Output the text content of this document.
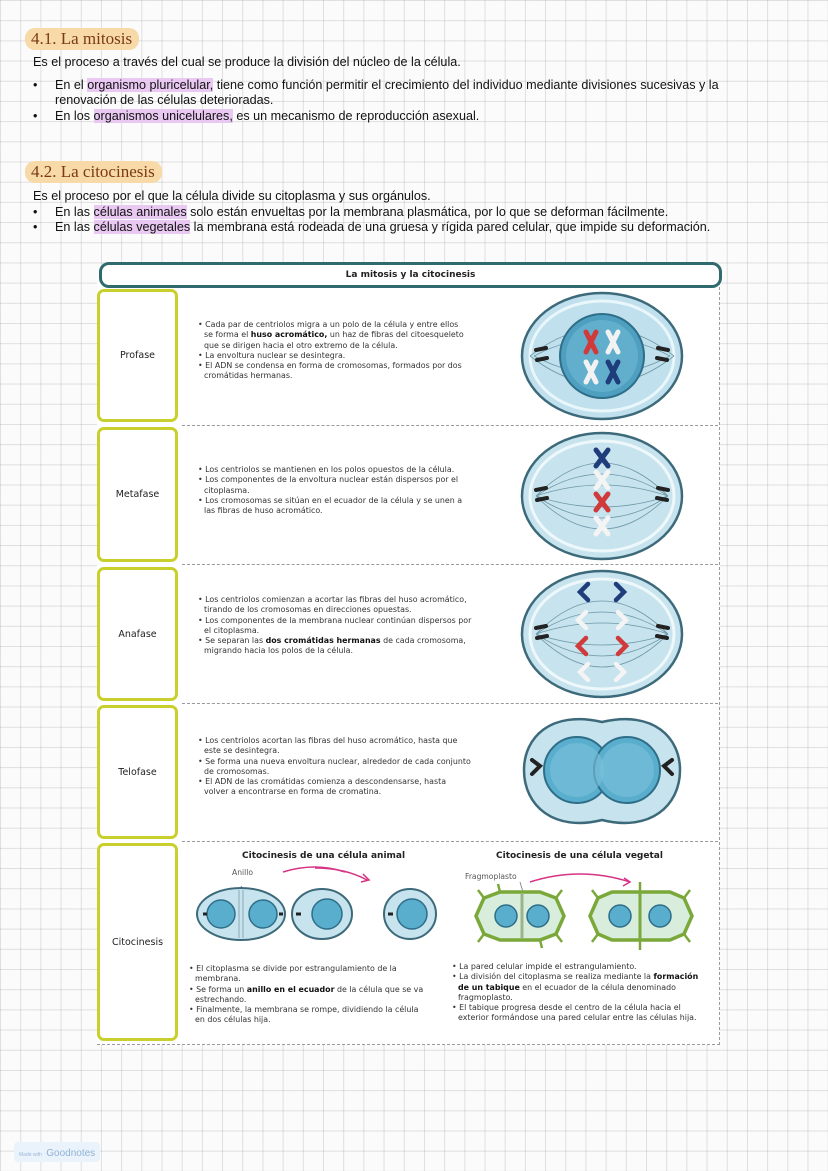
4.1. La mitosis
Es el proceso a través del cual se produce la división del núcleo de la célula.
• En el organismo pluricelular, tiene como función permitir el crecimiento del individuo mediante divisiones sucesivas y la
renovación de las células deterioradas.
• En los organismos unicelulares, es un mecanismo de reproducción asexual.
4.2. La citocinesis
Es el proceso por el que la célula divide su citoplasma y sus orgánulos.
• En las células animales solo están envueltas por la membrana plasmática, por lo que se deforman fácilmente.
• En las células vegetales la membrana está rodeada de una gruesa y rígida pared celular, que impide su deformación.
La mitosis y la citocinesis
Profase
Metafase
Anafase
Telofase
Citocinesis
• Cada par de centriolos migra a un polo de la célula y entre ellos
se forma el huso acromático, un haz de fibras del citoesqueleto
que se dirigen hacia el otro extremo de la célula.
• La envoltura nuclear se desintegra.
• El ADN se condensa en forma de cromosomas, formados por dos
cromátidas hermanas.
• Los centriolos se mantienen en los polos opuestos de la célula.
• Los componentes de la envoltura nuclear están dispersos por el
citoplasma.
• Los cromosomas se sitúan en el ecuador de la célula y se unen a
las fibras de huso acromático.
• Los centriolos comienzan a acortar las fibras del huso acromático,
tirando de los cromosomas en direcciones opuestas.
• Los componentes de la membrana nuclear continúan dispersos por
el citoplasma.
• Se separan las dos cromátidas hermanas de cada cromosoma,
migrando hacia los polos de la célula.
• Los centriolos acortan las fibras del huso acromático, hasta que
este se desintegra.
• Se forma una nueva envoltura nuclear, alrededor de cada conjunto
de cromosomas.
• El ADN de las cromátidas comienza a descondensarse, hasta
volver a encontrarse en forma de cromatina.
Citocinesis de una célula animal
Anillo
• El citoplasma se divide por estrangulamiento de la
membrana.
• Se forma un anillo en el ecuador de la célula que se va
estrechando.
• Finalmente, la membrana se rompe, dividiendo la célula
en dos células hija.
Citocinesis de una célula vegetal
Fragmoplasto
• La pared celular impide el estrangulamiento.
• La división del citoplasma se realiza mediante la formación
de un tabique en el ecuador de la célula denominado
fragmoplasto.
• El tabique progresa desde el centro de la célula hacia el
exterior formándose una pared celular entre las células hija.
Made with Goodnotes
